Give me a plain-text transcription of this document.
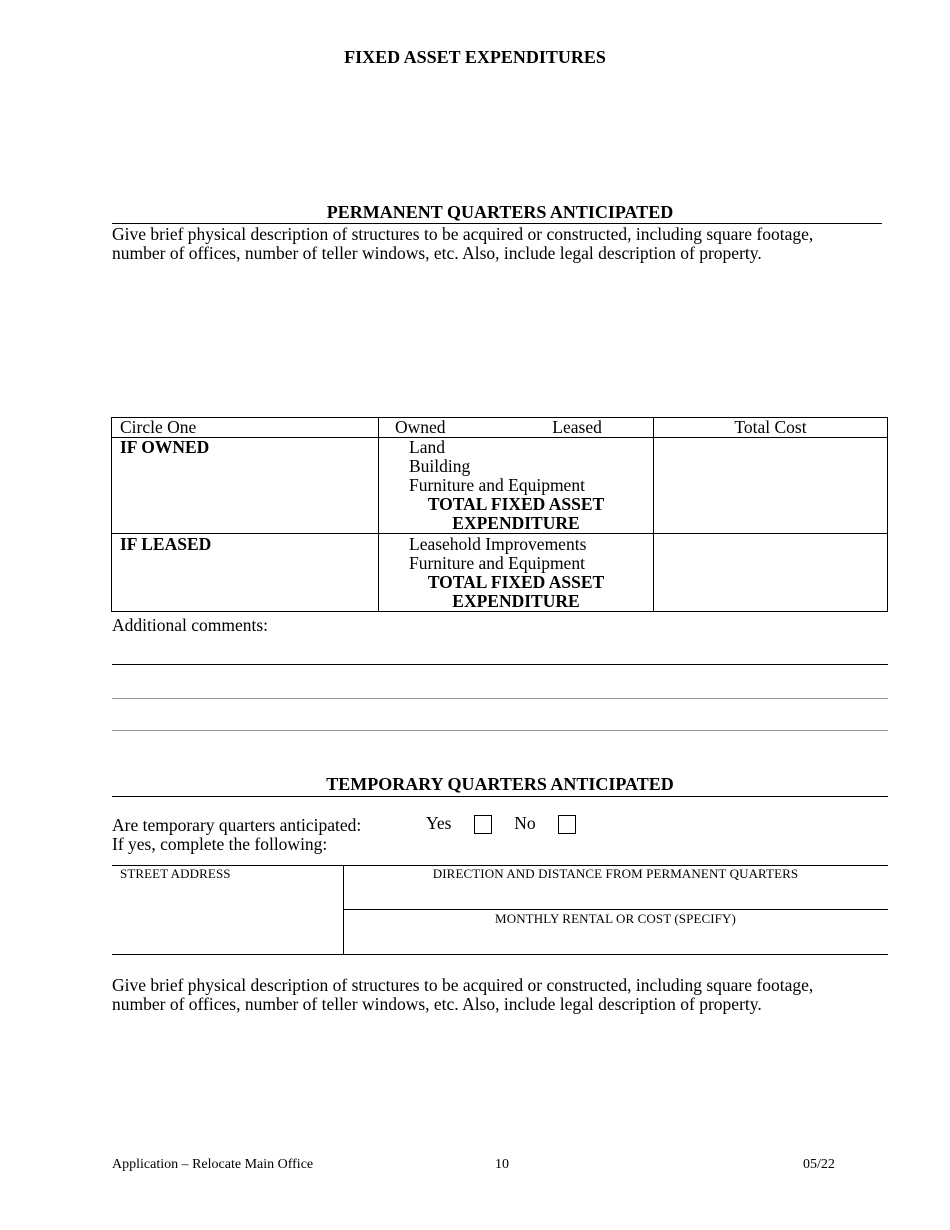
FIXED ASSET EXPENDITURES
PERMANENT QUARTERS ANTICIPATED
Give brief physical description of structures to be acquired or constructed, including square footage,
number of offices, number of teller windows, etc. Also, include legal description of property.
Circle One	Owned Leased	Total Cost
IF OWNED	Land
Building
Furniture and Equipment
TOTAL FIXED ASSET
EXPENDITURE	

IF LEASED	Leasehold Improvements
Furniture and Equipment
TOTAL FIXED ASSET
EXPENDITURE	

Additional comments:
TEMPORARY QUARTERS ANTICIPATED
Are temporary quarters anticipated:	Yes	No
If yes, complete the following:
STREET ADDRESS	DIRECTION AND DISTANCE FROM PERMANENT QUARTERS
MONTHLY RENTAL OR COST (SPECIFY)
Give brief physical description of structures to be acquired or constructed, including square footage,
number of offices, number of teller windows, etc. Also, include legal description of property.
Application – Relocate Main Office	10	05/22
